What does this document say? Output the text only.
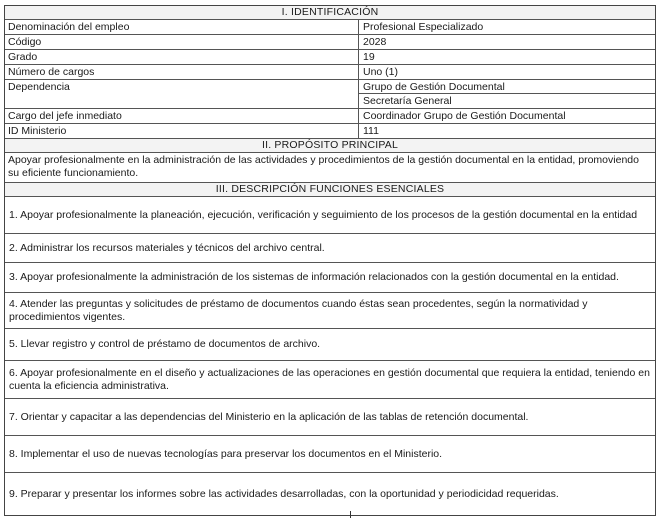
I. IDENTIFICACIÓN
Denominación del empleo	Profesional Especializado
Código	2028
Grado	19
Número de cargos	Uno (1)
Dependencia	Grupo de Gestión Documental
Secretaría General
Cargo del jefe inmediato	Coordinador Grupo de Gestión Documental
ID Ministerio	111
II. PROPÓSITO PRINCIPAL
Apoyar profesionalmente en la administración de las actividades y procedimientos de la gestión documental en la entidad, promoviendo su eficiente funcionamiento.
III. DESCRIPCIÓN FUNCIONES ESENCIALES
1. Apoyar profesionalmente la planeación, ejecución, verificación y seguimiento de los procesos de la gestión documental en la entidad
2. Administrar los recursos materiales y técnicos del archivo central.
3. Apoyar profesionalmente la administración de los sistemas de información relacionados con la gestión documental en la entidad.
4. Atender las preguntas y solicitudes de préstamo de documentos cuando éstas sean procedentes, según la normatividad y procedimientos vigentes.
5. Llevar registro y control de préstamo de documentos de archivo.
6. Apoyar profesionalmente en el diseño y actualizaciones de las operaciones en gestión documental que requiera la entidad, teniendo en cuenta la eficiencia administrativa.
7. Orientar y capacitar a las dependencias del Ministerio en la aplicación de las tablas de retención documental.
8. Implementar el uso de nuevas tecnologías para preservar los documentos en el Ministerio.
9. Preparar y presentar los informes sobre las actividades desarrolladas, con la oportunidad y periodicidad requeridas.
